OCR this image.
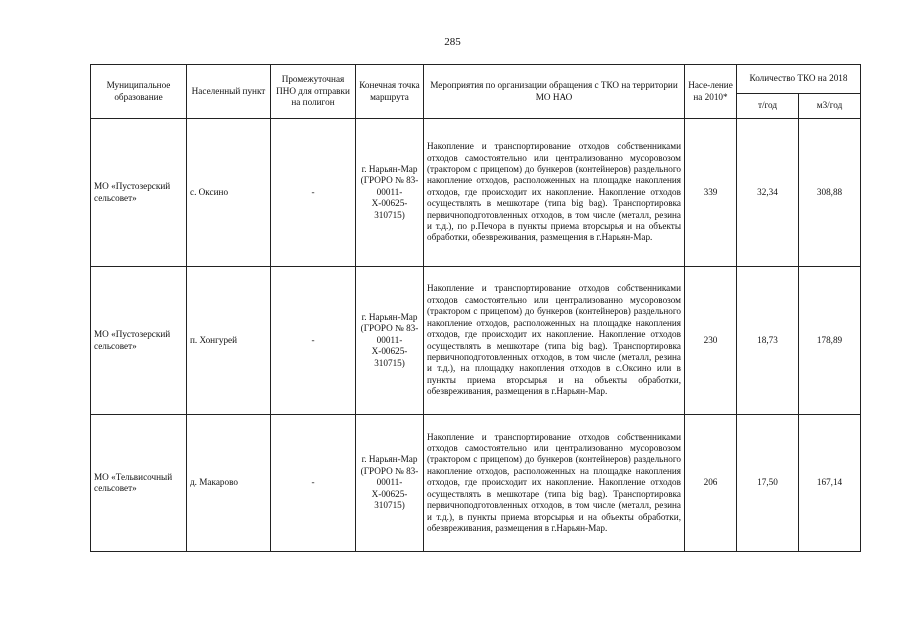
285
Муниципальное образование	Населенный пункт	Промежуточная ПНО для отправки на полигон	Конечная точка маршрута	Мероприятия по организации обращения с ТКО на территории МО НАО	Насе-ление на 2010*	Количество ТКО на 2018	
						т/год	м3/год
МО «Пустозерский сельсовет»	с. Оксино	-	г. Нарьян-Мар (ГРОРО № 83-00011-Х-00625-310715)	Накопление и транспортирование отходов собственниками отходов самостоятельно или централизованно мусоровозом (трактором с прицепом) до бункеров (контейнеров) раздельного накопление отходов, расположенных на площадке накопления отходов, где происходит их накопление. Накопление отходов осуществлять в мешкотаре (типа big bag). Транспортировка первичноподготовленных отходов, в том числе (металл, резина и т.д.), по р.Печора в пункты приема вторсырья и на объекты обработки, обезвреживания, размещения в г.Нарьян-Мар.	339	32,34	308,88
МО «Пустозерский сельсовет»	п. Хонгурей	-	г. Нарьян-Мар (ГРОРО № 83-00011-Х-00625-310715)	Накопление и транспортирование отходов собственниками отходов самостоятельно или централизованно мусоровозом (трактором с прицепом) до бункеров (контейнеров) раздельного накопление отходов, расположенных на площадке накопления отходов, где происходит их накопление. Накопление отходов осуществлять в мешкотаре (типа big bag). Транспортировка первичноподготовленных отходов, в том числе (металл, резина и т.д.), на площадку накопления отходов в с.Оксино или в пункты приема вторсырья и на объекты обработки, обезвреживания, размещения в г.Нарьян-Мар.	230	18,73	178,89
МО «Тельвисочный сельсовет»	д. Макарово	-	г. Нарьян-Мар (ГРОРО № 83-00011-Х-00625-310715)	Накопление и транспортирование отходов собственниками отходов самостоятельно или централизованно мусоровозом (трактором с прицепом) до бункеров (контейнеров) раздельного накопление отходов, расположенных на площадке накопления отходов, где происходит их накопление. Накопление отходов осуществлять в мешкотаре (типа big bag). Транспортировка первичноподготовленных отходов, в том числе (металл, резина и т.д.), в пункты приема вторсырья и на объекты обработки, обезвреживания, размещения в г.Нарьян-Мар.	206	17,50	167,14
